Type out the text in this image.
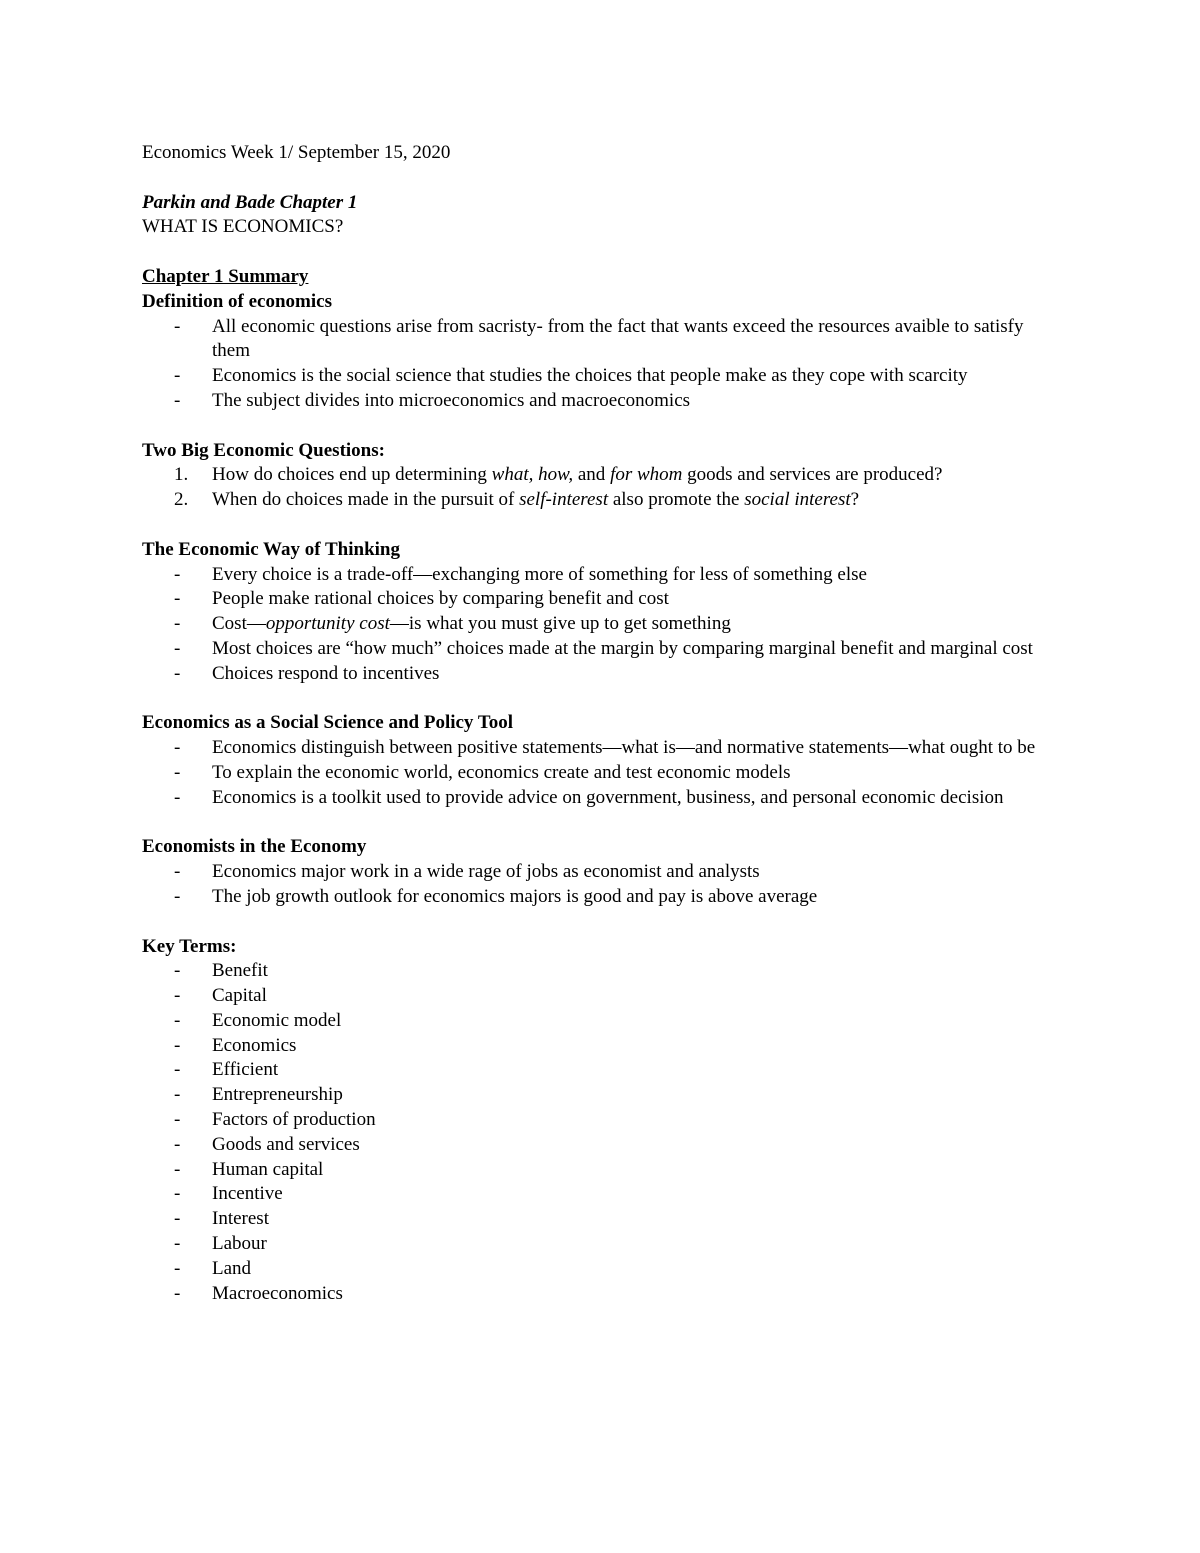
Economics Week 1/ September 15, 2020

Parkin and Bade Chapter 1

WHAT IS ECONOMICS?

Chapter 1 Summary

Definition of economics

- All economic questions arise from sacristy- from the fact that wants exceed the resources avaible to satisfy them
- Economics is the social science that studies the choices that people make as they cope with scarcity
- The subject divides into microeconomics and macroeconomics

Two Big Economic Questions:

1. How do choices end up determining what, how, and for whom goods and services are produced?
2. When do choices made in the pursuit of self-interest also promote the social interest?

The Economic Way of Thinking

- Every choice is a trade-off—exchanging more of something for less of something else
- People make rational choices by comparing benefit and cost
- Cost—opportunity cost—is what you must give up to get something
- Most choices are “how much” choices made at the margin by comparing marginal benefit and marginal cost
- Choices respond to incentives

Economics as a Social Science and Policy Tool

- Economics distinguish between positive statements—what is—and normative statements—what ought to be
- To explain the economic world, economics create and test economic models
- Economics is a toolkit used to provide advice on government, business, and personal economic decision

Economists in the Economy

- Economics major work in a wide rage of jobs as economist and analysts
- The job growth outlook for economics majors is good and pay is above average

Key Terms:

- Benefit
- Capital
- Economic model
- Economics
- Efficient
- Entrepreneurship
- Factors of production
- Goods and services
- Human capital
- Incentive
- Interest
- Labour
- Land
- Macroeconomics
